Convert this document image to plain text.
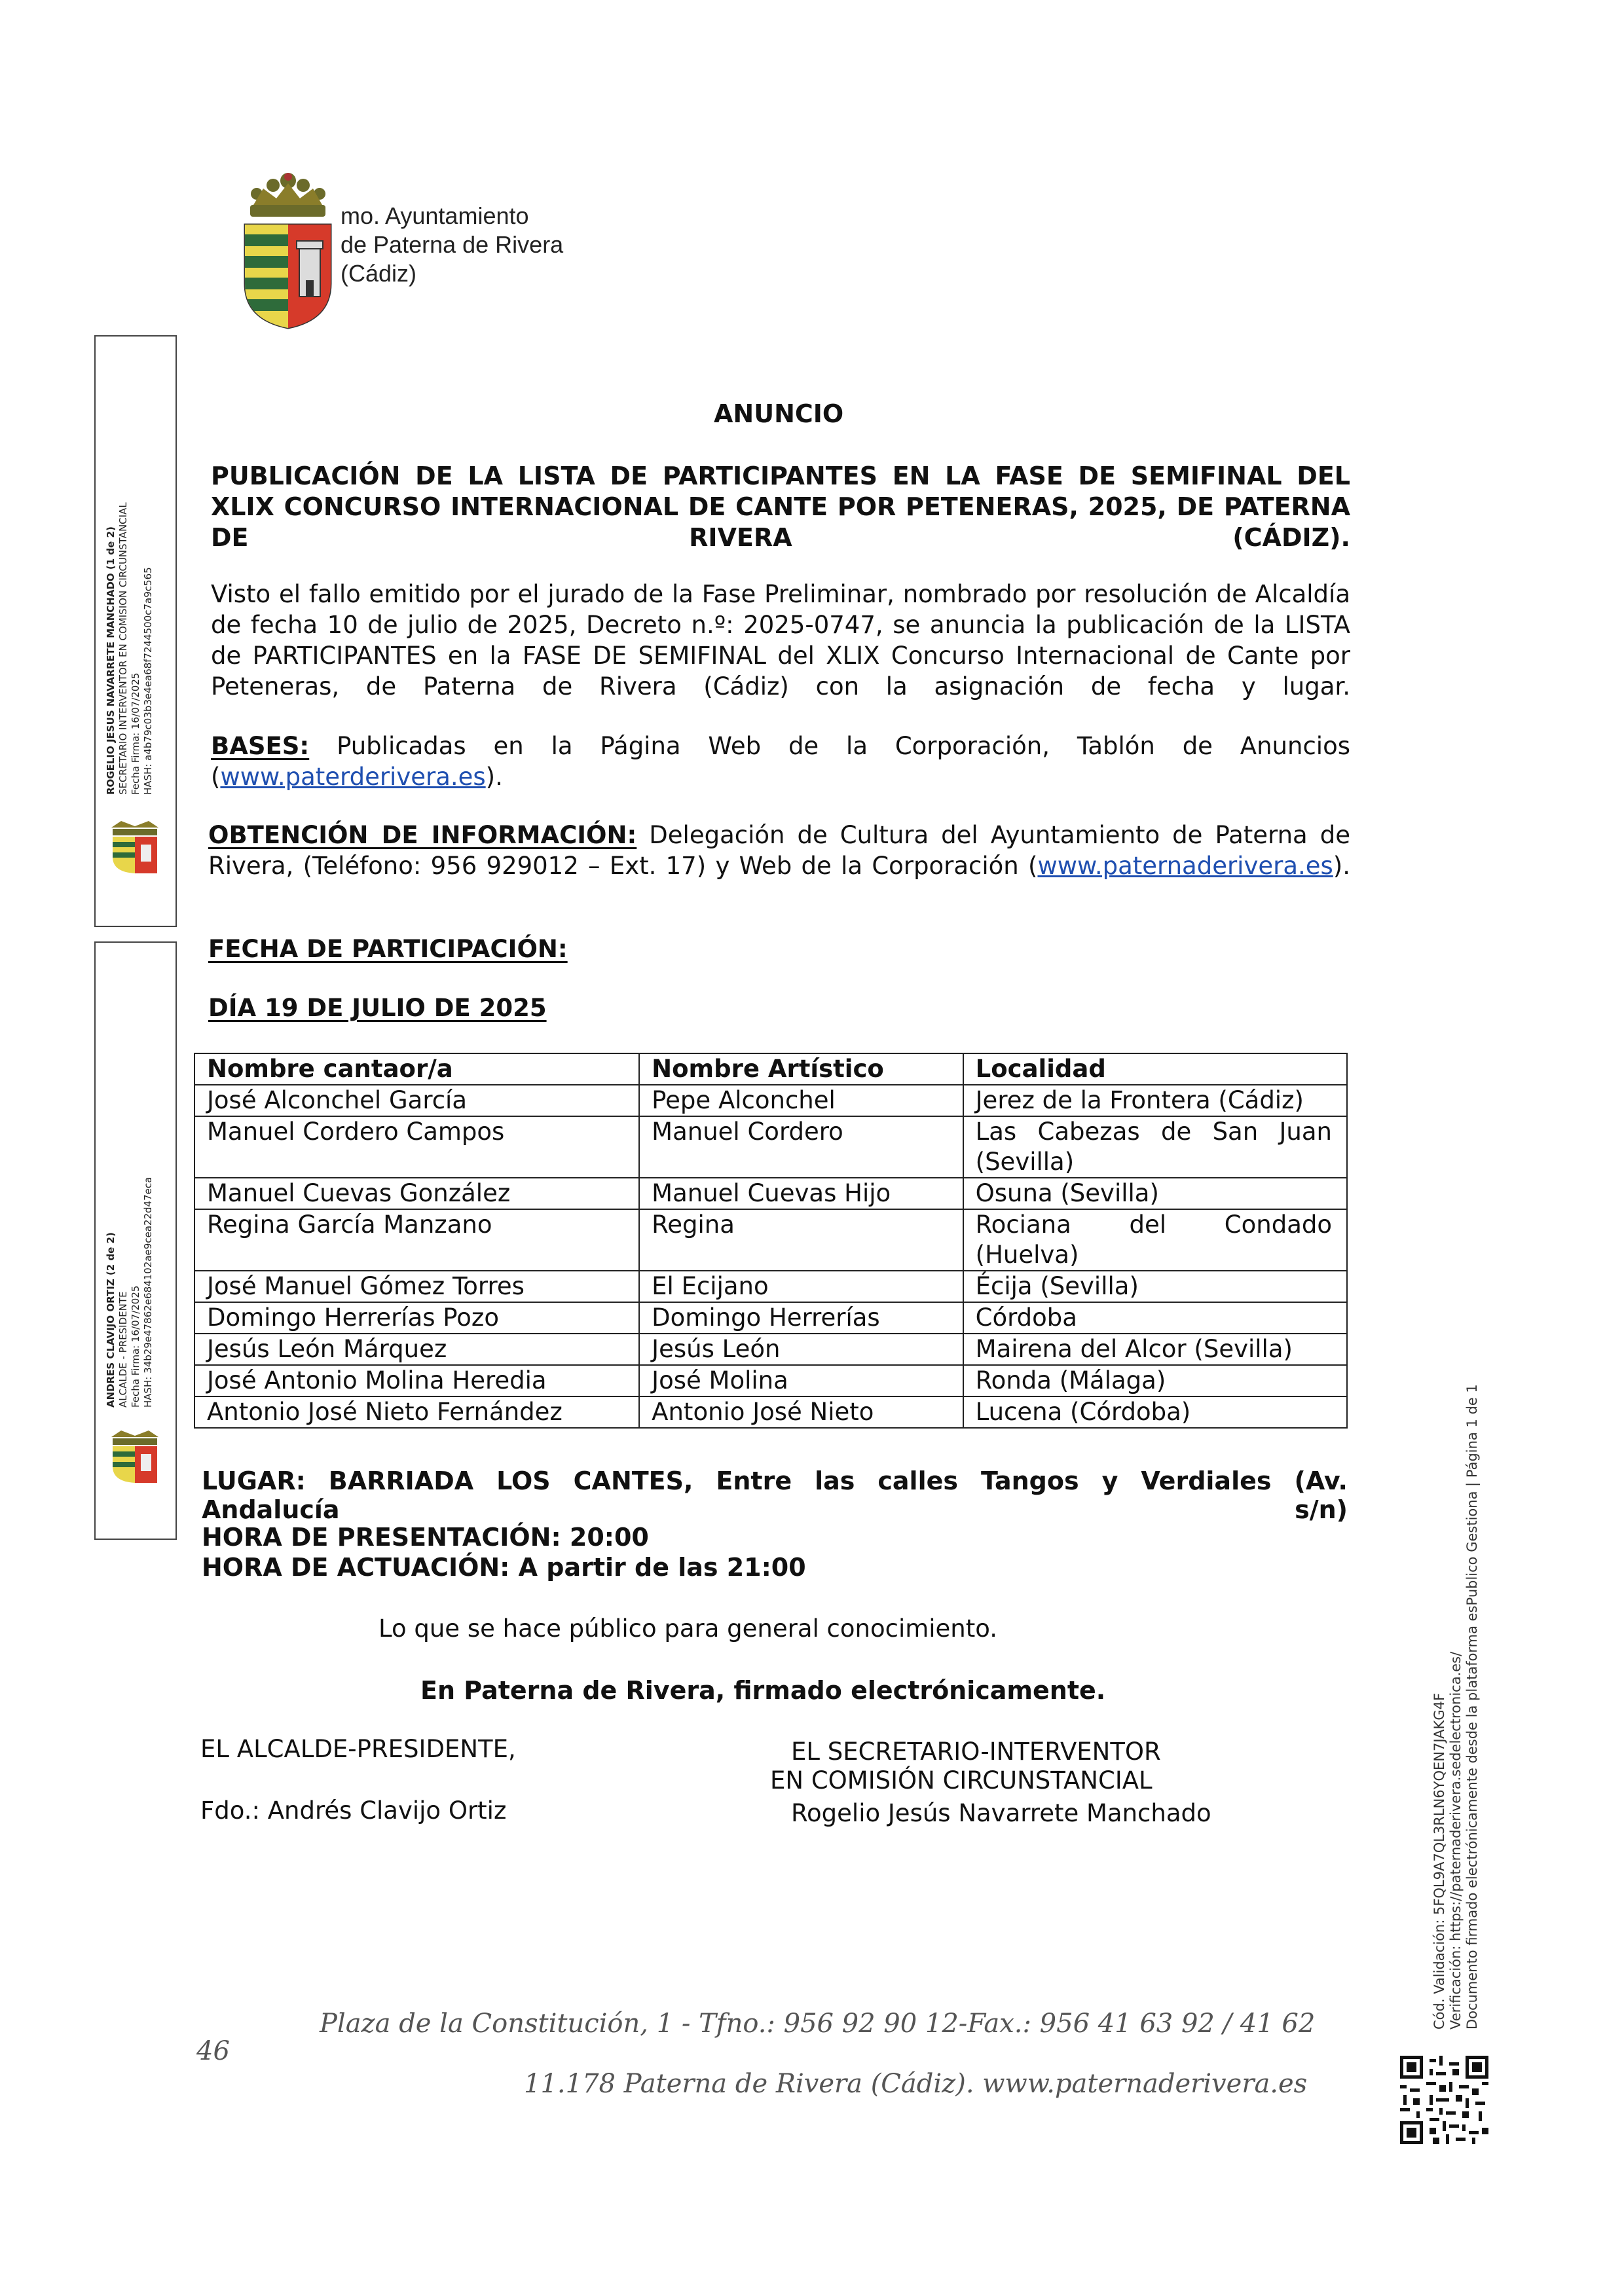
mo. Ayuntamiento
de Paterna de Rivera
(Cádiz)
ROGELIO JESUS NAVARRETE MANCHADO (1 de 2)
SECRETARIO INTERVENTOR EN COMISION CIRCUNSTANCIAL
Fecha Firma: 16/07/2025
HASH: a4b79c03b3e4ea68f7244500c7a9c565
ANDRES CLAVIJO ORTIZ (2 de 2)
ALCALDE - PRESIDENTE
Fecha Firma: 16/07/2025
HASH: 34b29e47862e684102ae9cea22d47eca
ANUNCIO
PUBLICACIÓN DE LA LISTA DE PARTICIPANTES EN LA FASE DE SEMIFINAL DEL XLIX CONCURSO INTERNACIONAL DE CANTE POR PETENERAS, 2025, DE PATERNA DE RIVERA (CÁDIZ).
Visto el fallo emitido por el jurado de la Fase Preliminar, nombrado por resolución de Alcaldía de fecha 10 de julio de 2025, Decreto n.º: 2025-0747, se anuncia la publicación de la LISTA de PARTICIPANTES en la FASE DE SEMIFINAL del XLIX Concurso Internacional de Cante por Peteneras, de Paterna de Rivera (Cádiz) con la asignación de fecha y lugar.
BASES: Publicadas en la Página Web de la Corporación, Tablón de Anuncios (www.paterderivera.es).
OBTENCIÓN DE INFORMACIÓN: Delegación de Cultura del Ayuntamiento de Paterna de Rivera, (Teléfono: 956 929012 – Ext. 17) y Web de la Corporación (www.paternaderivera.es).
FECHA DE PARTICIPACIÓN:
DÍA 19 DE JULIO DE 2025
Nombre cantaor/a	Nombre Artístico	Localidad
José Alconchel García	Pepe Alconchel	Jerez de la Frontera (Cádiz)
Manuel Cordero Campos	Manuel Cordero	Las Cabezas de San Juan (Sevilla)
Manuel Cuevas González	Manuel Cuevas Hijo	Osuna (Sevilla)
Regina García Manzano	Regina	Rociana del Condado (Huelva)
José Manuel Gómez Torres	El Ecijano	Écija (Sevilla)
Domingo Herrerías Pozo	Domingo Herrerías	Córdoba
Jesús León Márquez	Jesús León	Mairena del Alcor (Sevilla)
José Antonio Molina Heredia	José Molina	Ronda (Málaga)
Antonio José Nieto Fernández	Antonio José Nieto	Lucena (Córdoba)
LUGAR: BARRIADA LOS CANTES, Entre las calles Tangos y Verdiales (Av. Andalucía s/n)
HORA DE PRESENTACIÓN: 20:00
HORA DE ACTUACIÓN: A partir de las 21:00
Lo que se hace público para general conocimiento.
En Paterna de Rivera, firmado electrónicamente.
EL ALCALDE-PRESIDENTE,
Fdo.: Andrés Clavijo Ortiz
EL SECRETARIO-INTERVENTOR
EN COMISIÓN CIRCUNSTANCIAL
Rogelio Jesús Navarrete Manchado
Plaza de la Constitución, 1 - Tfno.: 956 92 90 12-Fax.: 956 41 63 92 / 41 62
46
11.178 Paterna de Rivera (Cádiz). www.paternaderivera.es
Cód. Validación: 5FQL9A7QL3RLN6YQEN7JAKG4F
Verificación: https://paternaderivera.sedelectronica.es/
Documento firmado electrónicamente desde la plataforma esPublico Gestiona | Página 1 de 1
